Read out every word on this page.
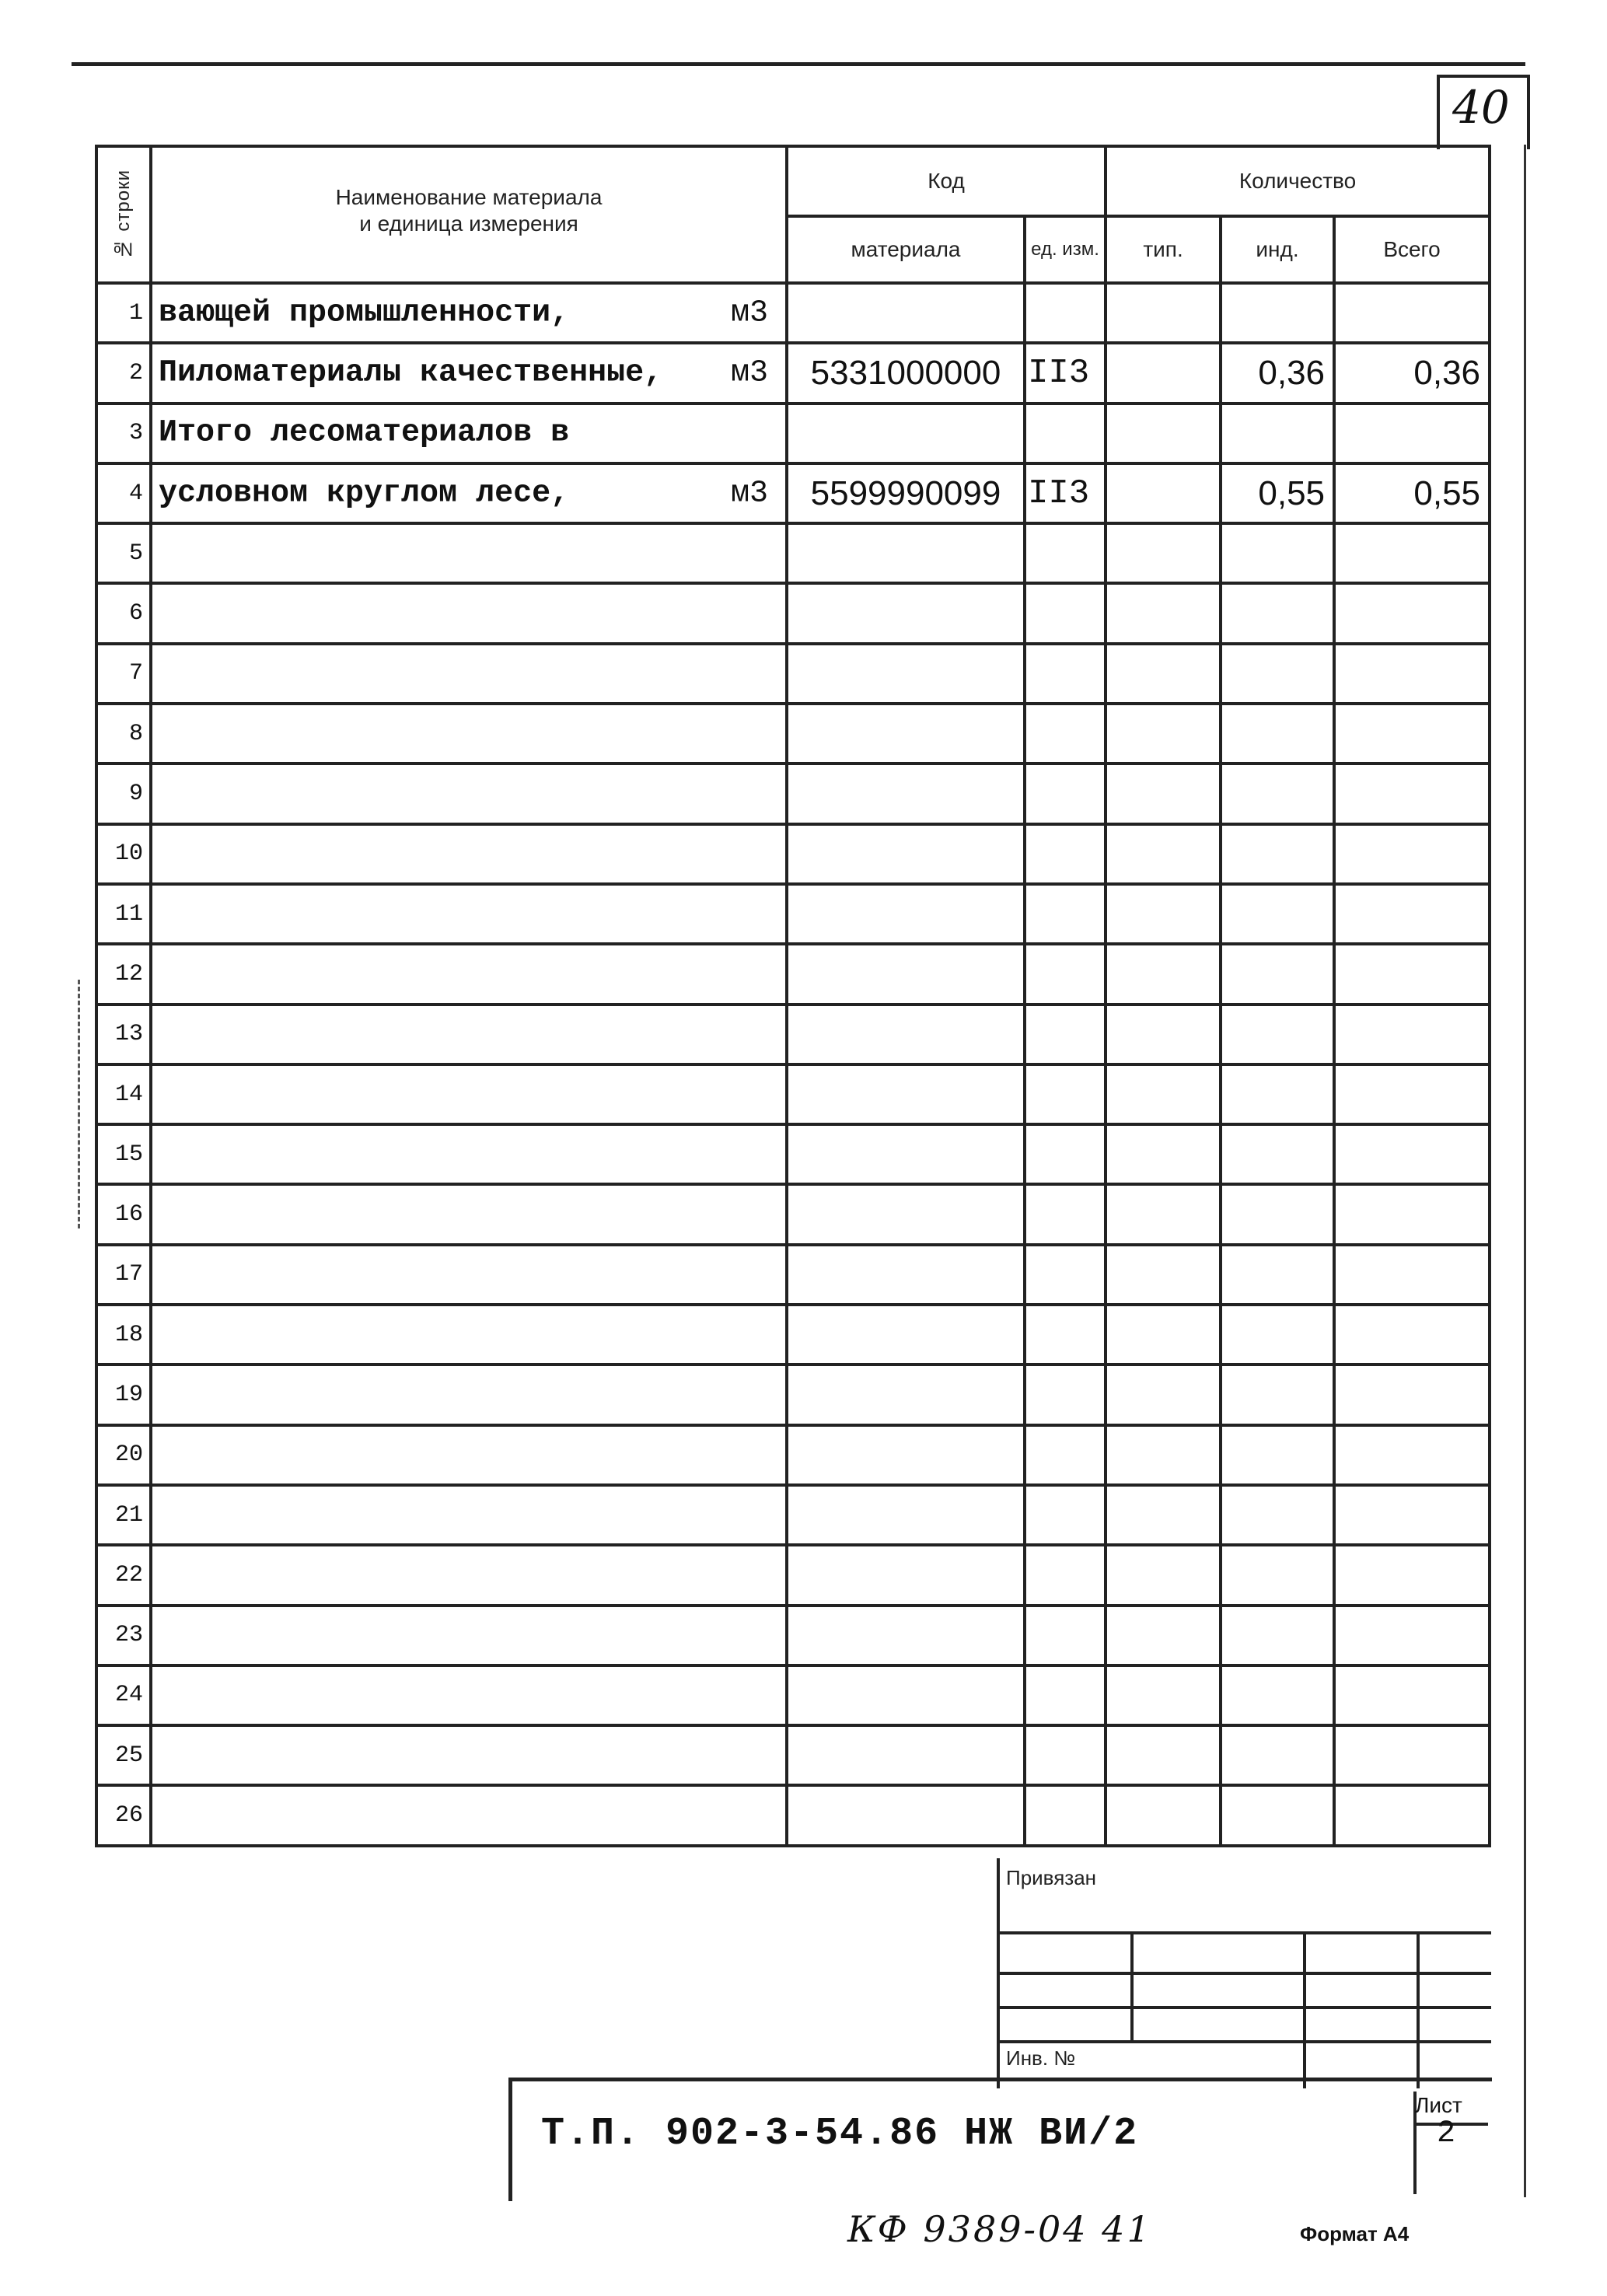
40
№ строки	Наименование материала
и единица измерения	Код		Количество		
		материала	ед. изм.	тип.	инд.	Всего
1	вающей промышленности, м3					

2	Пиломатериалы качественные, м3	5331000000	II3		0,36	0,36
3	Итого лесоматериалов в					

4	условном круглом лесе, м3	5599990099	II3		0,55	0,55
5	

6	

7	

8	

9	

10	

11	

12	

13	

14	

15	

16	

17	

18	

19	

20	

21	

22	

23	

24	

25	

26	

Привязан
Инв. №
Т.П. 902-3-54.86 НЖ ВИ/2
Лист
2
КФ 9389-04 41	Формат А4
